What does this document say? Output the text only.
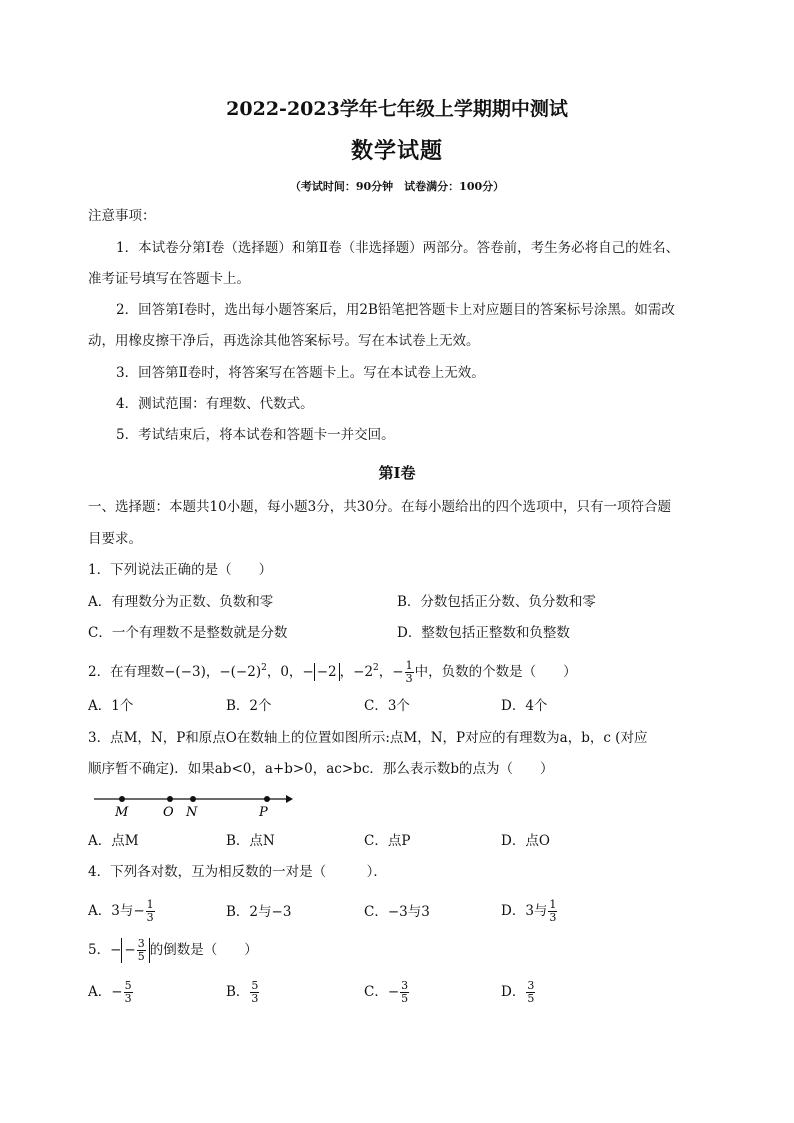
2022-2023学年七年级上学期期中测试
数学试题
（考试时间：90分钟　试卷满分：100分）
注意事项：
1．本试卷分第Ⅰ卷（选择题）和第Ⅱ卷（非选择题）两部分。答卷前，考生务必将自己的姓名、
准考证号填写在答题卡上。
2．回答第Ⅰ卷时，选出每小题答案后，用2B铅笔把答题卡上对应题目的答案标号涂黑。如需改
动，用橡皮擦干净后，再选涂其他答案标号。写在本试卷上无效。
3．回答第Ⅱ卷时，将答案写在答题卡上。写在本试卷上无效。
4．测试范围：有理数、代数式。
5．考试结束后，将本试卷和答题卡一并交回。
第Ⅰ卷
一、选择题：本题共10小题，每小题3分，共30分。在每小题给出的四个选项中，只有一项符合题
目要求。
1．下列说法正确的是（　　）
A．有理数分为正数、负数和零	B．分数包括正分数、负分数和零
C．一个有理数不是整数就是分数	D．整数包括正整数和负整数
2．在有理数−(−3)，$-(-2)^2$，0，− −2 ，$-2^2$，− $\frac{1}{3}$ 中，负数的个数是（　　）
A．1个	B．2个	C．3个	D．4个
3．点M，N，P和原点O在数轴上的位置如图所示:点M，N，P对应的有理数为a，b，c (对应
顺序暂不确定)．如果ab<0，a+b>0，ac>bc．那么表示数b的点为（　　）
M	O N	P
A．点M	B．点N	C．点P	D．点O
4．下列各对数，互为相反数的一对是（　　　）．
A．3与− $\frac{1}{3}$	B．2与−3	C．−3与3	D．3与 $\frac{1}{3}$
5．− − $\frac{3}{5}$ 的倒数是（　　）
A．− $\frac{5}{3}$	B． $\frac{5}{3}$	C．− $\frac{3}{5}$	D． $\frac{3}{5}$
